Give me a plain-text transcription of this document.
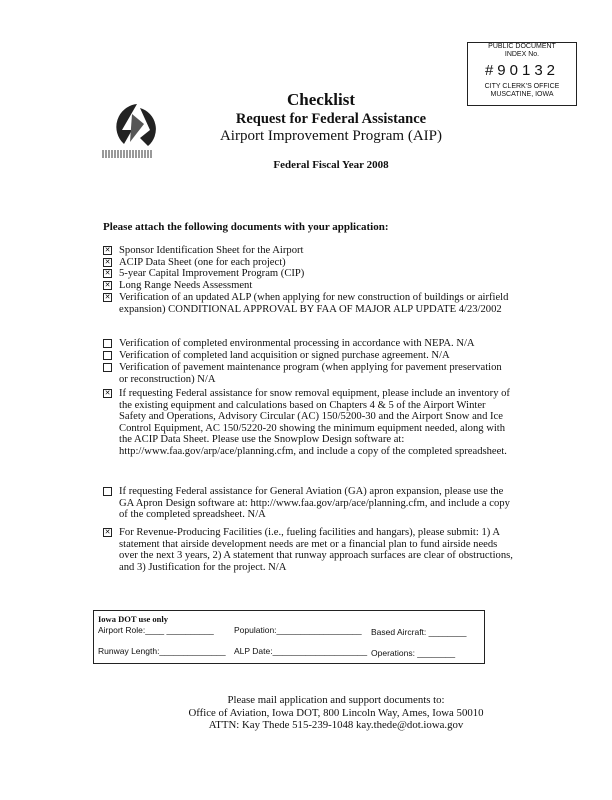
PUBLIC DOCUMENT
INDEX No.
#90132
CITY CLERK'S OFFICE
MUSCATINE, IOWA
Checklist
Request for Federal Assistance
Airport Improvement Program (AIP)
Federal Fiscal Year 2008
Please attach the following documents with your application:
✕ Sponsor Identification Sheet for the Airport
✕ ACIP Data Sheet (one for each project)
✕ 5-year Capital Improvement Program (CIP)
✕ Long Range Needs Assessment
✕ Verification of an updated ALP (when applying for new construction of buildings or airfield expansion) CONDITIONAL APPROVAL BY FAA OF MAJOR ALP UPDATE 4/23/2002
Verification of completed environmental processing in accordance with NEPA. N/A
Verification of completed land acquisition or signed purchase agreement. N/A
Verification of pavement maintenance program (when applying for pavement preservation or reconstruction) N/A
✕ If requesting Federal assistance for snow removal equipment, please include an inventory of the existing equipment and calculations based on Chapters 4 & 5 of the Airport Winter Safety and Operations, Advisory Circular (AC) 150/5200-30 and the Airport Snow and Ice Control Equipment, AC 150/5220-20 showing the minimum equipment needed, along with the ACIP Data Sheet. Please use the Snowplow Design software at: http://www.faa.gov/arp/ace/planning.cfm, and include a copy of the completed spreadsheet.
If requesting Federal assistance for General Aviation (GA) apron expansion, please use the GA Apron Design software at: http://www.faa.gov/arp/ace/planning.cfm, and include a copy of the completed spreadsheet. N/A
✕ For Revenue-Producing Facilities (i.e., fueling facilities and hangars), please submit: 1) A statement that airside development needs are met or a financial plan to fund airside needs over the next 3 years, 2) A statement that runway approach surfaces are clear of obstructions, and 3) Justification for the project. N/A
Iowa DOT use only
Airport Role:____ __________ Population:__________________ Based Aircraft: ________
Runway Length:______________ ALP Date:____________________ Operations: ________
Please mail application and support documents to:
Office of Aviation, Iowa DOT, 800 Lincoln Way, Ames, Iowa 50010
ATTN: Kay Thede 515-239-1048 kay.thede@dot.iowa.gov
